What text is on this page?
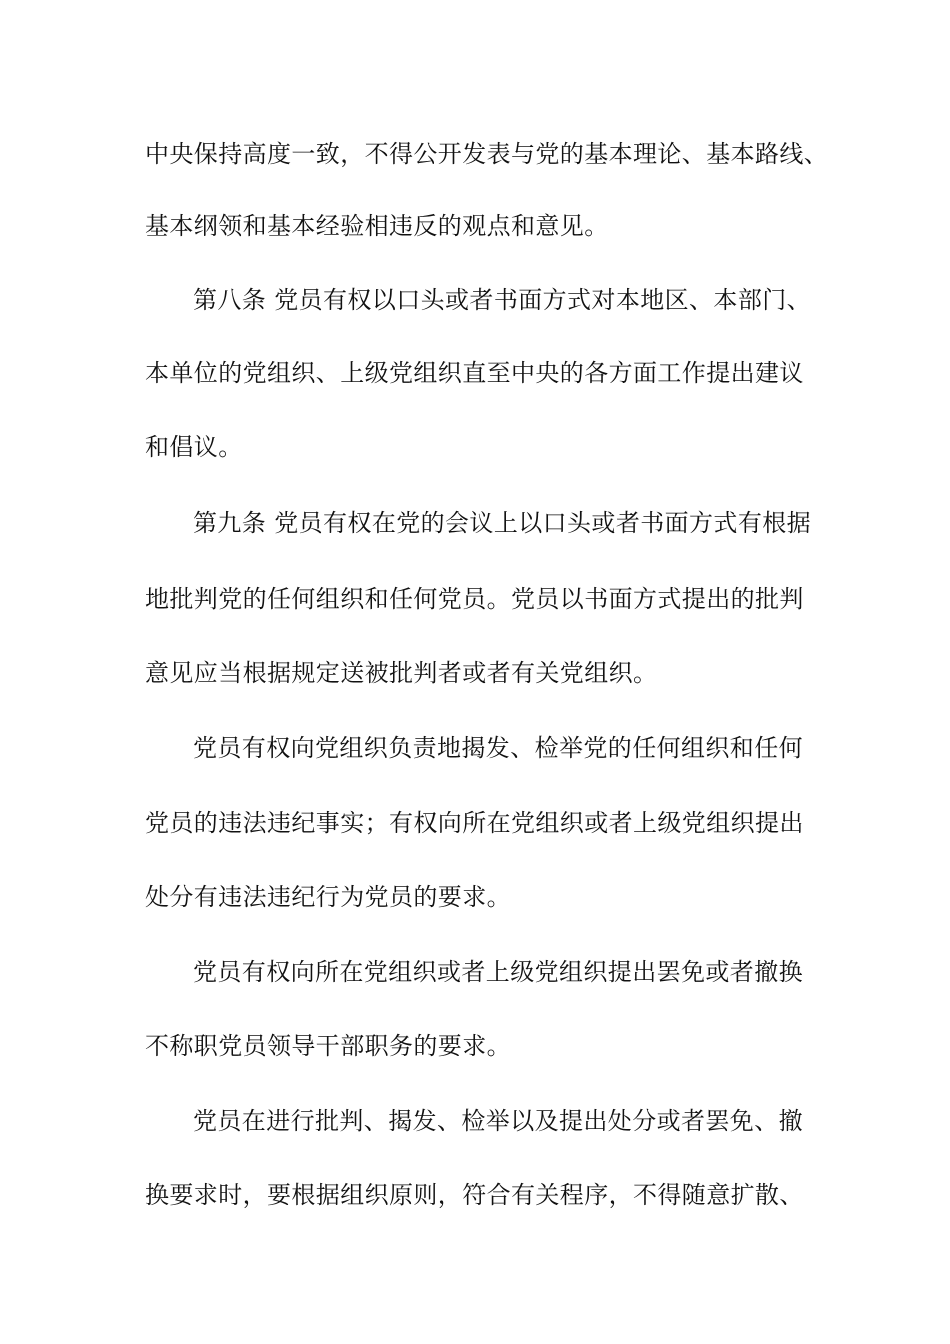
中央保持高度一致，不得公开发表与党的基本理论、基本路线、
基本纲领和基本经验相违反的观点和意见。
第八条 党员有权以口头或者书面方式对本地区、本部门、
本单位的党组织、上级党组织直至中央的各方面工作提出建议
和倡议。
第九条 党员有权在党的会议上以口头或者书面方式有根据
地批判党的任何组织和任何党员。党员以书面方式提出的批判
意见应当根据规定送被批判者或者有关党组织。
党员有权向党组织负责地揭发、检举党的任何组织和任何
党员的违法违纪事实；有权向所在党组织或者上级党组织提出
处分有违法违纪行为党员的要求。
党员有权向所在党组织或者上级党组织提出罢免或者撤换
不称职党员领导干部职务的要求。
党员在进行批判、揭发、检举以及提出处分或者罢免、撤
换要求时，要根据组织原则，符合有关程序，不得随意扩散、
